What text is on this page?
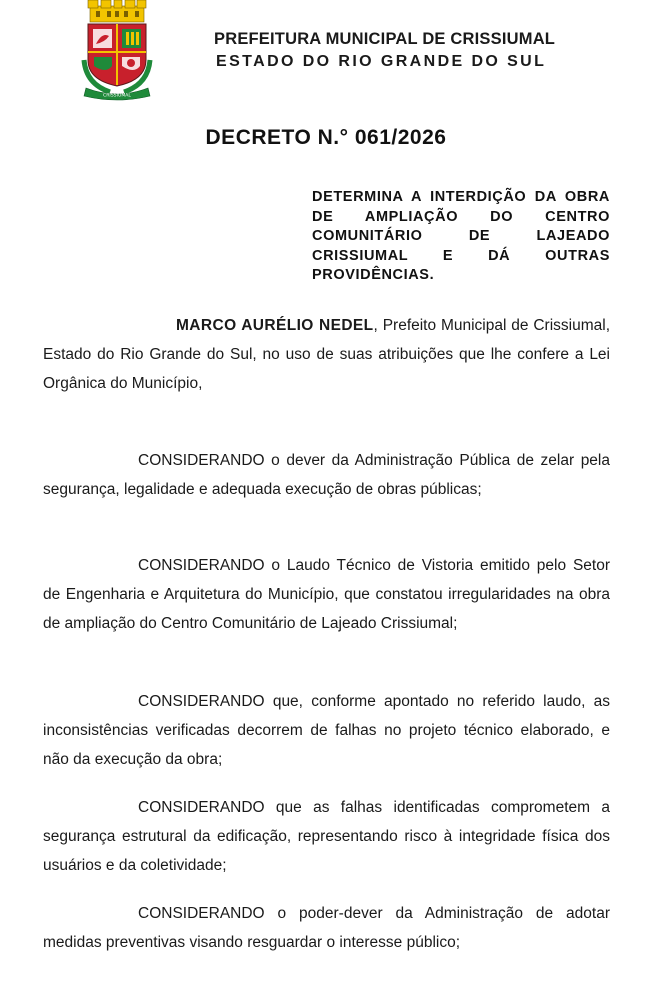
CRISSIUMAL
PREFEITURA MUNICIPAL DE CRISSIUMAL
ESTADO DO RIO GRANDE DO SUL
DECRETO N.° 061/2026
DETERMINA A INTERDIÇÃO DA OBRA DE AMPLIAÇÃO DO CENTRO COMUNITÁRIO DE LAJEADO CRISSIUMAL E DÁ OUTRAS PROVIDÊNCIAS.
MARCO AURÉLIO NEDEL, Prefeito Municipal de Crissiumal, Estado do Rio Grande do Sul, no uso de suas atribuições que lhe confere a Lei Orgânica do Município,
CONSIDERANDO o dever da Administração Pública de zelar pela segurança, legalidade e adequada execução de obras públicas;
CONSIDERANDO o Laudo Técnico de Vistoria emitido pelo Setor de Engenharia e Arquitetura do Município, que constatou irregularidades na obra de ampliação do Centro Comunitário de Lajeado Crissiumal;
CONSIDERANDO que, conforme apontado no referido laudo, as inconsistências verificadas decorrem de falhas no projeto técnico elaborado, e não da execução da obra;
CONSIDERANDO que as falhas identificadas comprometem a segurança estrutural da edificação, representando risco à integridade física dos usuários e da coletividade;
CONSIDERANDO o poder-dever da Administração de adotar medidas preventivas visando resguardar o interesse público;
